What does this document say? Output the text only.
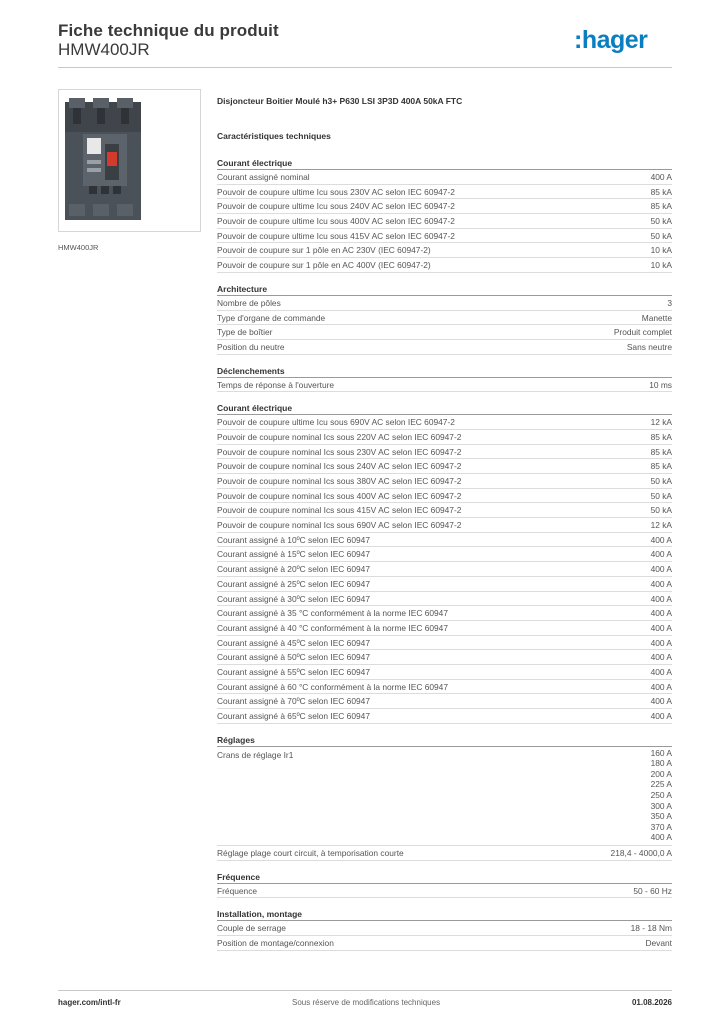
Fiche technique du produit
HMW400JR	:hager
HMW400JR
Disjoncteur Boitier Moulé h3+ P630 LSI 3P3D 400A 50kA FTC
Caractéristiques techniques
Courant électrique
Courant assigné nominal	400 A
Pouvoir de coupure ultime Icu sous 230V AC selon IEC 60947-2	85 kA
Pouvoir de coupure ultime Icu sous 240V AC selon IEC 60947-2	85 kA
Pouvoir de coupure ultime Icu sous 400V AC selon IEC 60947-2	50 kA
Pouvoir de coupure ultime Icu sous 415V AC selon IEC 60947-2	50 kA
Pouvoir de coupure sur 1 pôle en AC 230V (IEC 60947-2)	10 kA
Pouvoir de coupure sur 1 pôle en AC 400V (IEC 60947-2)	10 kA
Architecture
Nombre de pôles	3
Type d'organe de commande	Manette
Type de boîtier	Produit complet
Position du neutre	Sans neutre
Déclenchements
Temps de réponse à l'ouverture	10 ms
Courant électrique
Pouvoir de coupure ultime Icu sous 690V AC selon IEC 60947-2	12 kA
Pouvoir de coupure nominal Ics sous 220V AC selon IEC 60947-2	85 kA
Pouvoir de coupure nominal Ics sous 230V AC selon IEC 60947-2	85 kA
Pouvoir de coupure nominal Ics sous 240V AC selon IEC 60947-2	85 kA
Pouvoir de coupure nominal Ics sous 380V AC selon IEC 60947-2	50 kA
Pouvoir de coupure nominal Ics sous 400V AC selon IEC 60947-2	50 kA
Pouvoir de coupure nominal Ics sous 415V AC selon IEC 60947-2	50 kA
Pouvoir de coupure nominal Ics sous 690V AC selon IEC 60947-2	12 kA
Courant assigné à 10ºC selon IEC 60947	400 A
Courant assigné à 15ºC selon IEC 60947	400 A
Courant assigné à 20ºC selon IEC 60947	400 A
Courant assigné à 25ºC selon IEC 60947	400 A
Courant assigné à 30ºC selon IEC 60947	400 A
Courant assigné à 35 °C conformément à la norme IEC 60947	400 A
Courant assigné à 40 °C conformément à la norme IEC 60947	400 A
Courant assigné à 45ºC selon IEC 60947	400 A
Courant assigné à 50ºC selon IEC 60947	400 A
Courant assigné à 55ºC selon IEC 60947	400 A
Courant assigné à 60 °C conformément à la norme IEC 60947	400 A
Courant assigné à 70ºC selon IEC 60947	400 A
Courant assigné à 65ºC selon IEC 60947	400 A
Réglages
Crans de réglage Ir1	160 A
180 A
200 A
225 A
250 A
300 A
350 A
370 A
400 A
Réglage plage court circuit, à temporisation courte	218,4 - 4000,0 A
Fréquence
Fréquence	50 - 60 Hz
Installation, montage
Couple de serrage	18 - 18 Nm
Position de montage/connexion	Devant
hager.com/intl-fr	Sous réserve de modifications techniques	01.08.2026
